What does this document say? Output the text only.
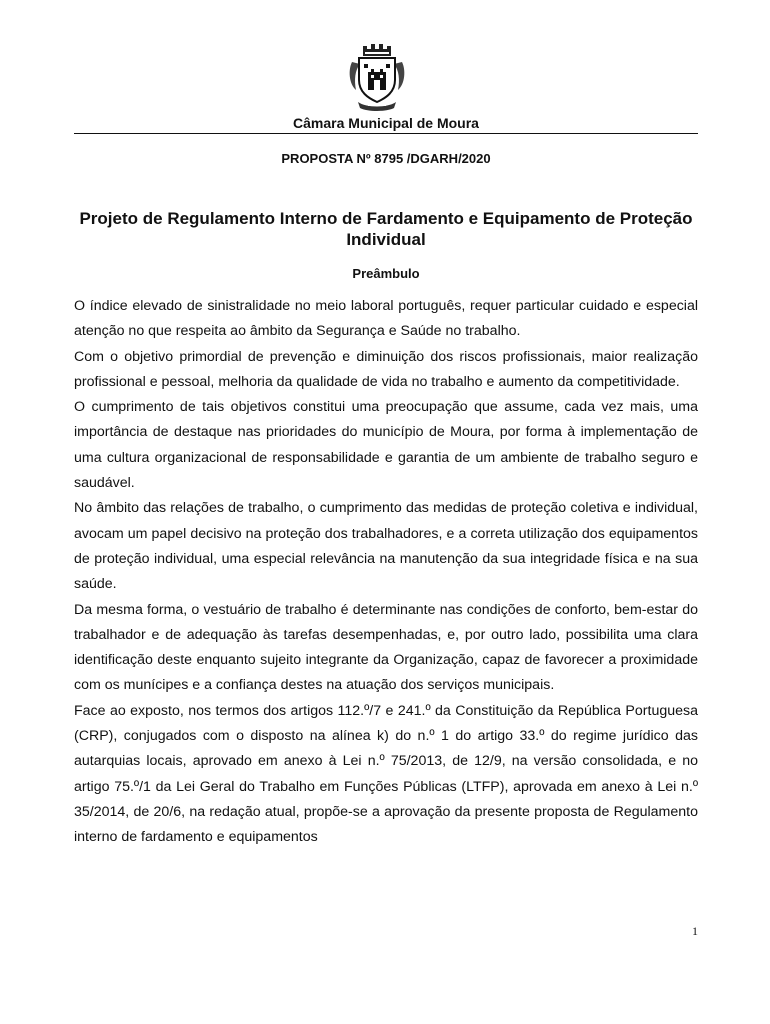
Câmara Municipal de Moura
PROPOSTA Nº 8795 /DGARH/2020
Projeto de Regulamento Interno de Fardamento e Equipamento de Proteção Individual
Preâmbulo

O índice elevado de sinistralidade no meio laboral português, requer particular cuidado e especial atenção no que respeita ao âmbito da Segurança e Saúde no trabalho.

Com o objetivo primordial de prevenção e diminuição dos riscos profissionais, maior realização profissional e pessoal, melhoria da qualidade de vida no trabalho e aumento da competitividade.

O cumprimento de tais objetivos constitui uma preocupação que assume, cada vez mais, uma importância de destaque nas prioridades do município de Moura, por forma à implementação de uma cultura organizacional de responsabilidade e garantia de um ambiente de trabalho seguro e saudável.

No âmbito das relações de trabalho, o cumprimento das medidas de proteção coletiva e individual, avocam um papel decisivo na proteção dos trabalhadores, e a correta utilização dos equipamentos de proteção individual, uma especial relevância na manutenção da sua integridade física e na sua saúde.

Da mesma forma, o vestuário de trabalho é determinante nas condições de conforto, bem-estar do trabalhador e de adequação às tarefas desempenhadas, e, por outro lado, possibilita uma clara identificação deste enquanto sujeito integrante da Organização, capaz de favorecer a proximidade com os munícipes e a confiança destes na atuação dos serviços municipais.

Face ao exposto, nos termos dos artigos 112.º/7 e 241.º da Constituição da República Portuguesa (CRP), conjugados com o disposto na alínea k) do n.º 1 do artigo 33.º do regime jurídico das autarquias locais, aprovado em anexo à Lei n.º 75/2013, de 12/9, na versão consolidada, e no artigo 75.º/1 da Lei Geral do Trabalho em Funções Públicas (LTFP), aprovada em anexo à Lei n.º 35/2014, de 20/6, na redação atual, propõe-se a aprovação da presente proposta de Regulamento interno de fardamento e equipamentos

1
